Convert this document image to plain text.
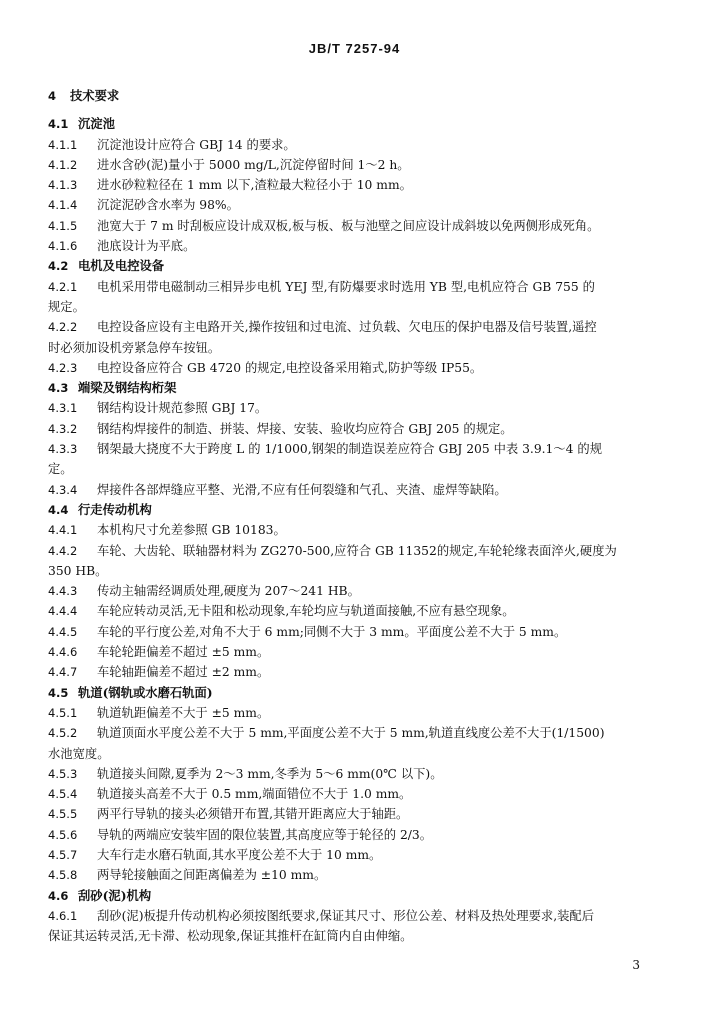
JB/T 7257-94
4 技术要求
4.1 沉淀池
4.1.1 沉淀池设计应符合 GBJ 14 的要求。
4.1.2 进水含砂(泥)量小于 5000 mg/L,沉淀停留时间 1～2 h。
4.1.3 进水砂粒粒径在 1 mm 以下,渣粒最大粒径小于 10 mm。
4.1.4 沉淀泥砂含水率为 98%。
4.1.5 池宽大于 7 m 时刮板应设计成双板,板与板、板与池壁之间应设计成斜坡以免两侧形成死角。
4.1.6 池底设计为平底。
4.2 电机及电控设备
4.2.1 电机采用带电磁制动三相异步电机 YEJ 型,有防爆要求时选用 YB 型,电机应符合 GB 755 的
规定。
4.2.2 电控设备应设有主电路开关,操作按钮和过电流、过负载、欠电压的保护电器及信号装置,遥控
时必须加设机旁紧急停车按钮。
4.2.3 电控设备应符合 GB 4720 的规定,电控设备采用箱式,防护等级 IP55。
4.3 端梁及钢结构桁架
4.3.1 钢结构设计规范参照 GBJ 17。
4.3.2 钢结构焊接件的制造、拼装、焊接、安装、验收均应符合 GBJ 205 的规定。
4.3.3 钢架最大挠度不大于跨度 L 的 1/1000,钢架的制造误差应符合 GBJ 205 中表 3.9.1～4 的规
定。
4.3.4 焊接件各部焊缝应平整、光滑,不应有任何裂缝和气孔、夹渣、虚焊等缺陷。
4.4 行走传动机构
4.4.1 本机构尺寸允差参照 GB 10183。
4.4.2 车轮、大齿轮、联轴器材料为 ZG270-500,应符合 GB 11352的规定,车轮轮缘表面淬火,硬度为
350 HB。
4.4.3 传动主轴需经调质处理,硬度为 207～241 HB。
4.4.4 车轮应转动灵活,无卡阻和松动现象,车轮均应与轨道面接触,不应有悬空现象。
4.4.5 车轮的平行度公差,对角不大于 6 mm;同侧不大于 3 mm。平面度公差不大于 5 mm。
4.4.6 车轮轮距偏差不超过 ±5 mm。
4.4.7 车轮轴距偏差不超过 ±2 mm。
4.5 轨道(钢轨或水磨石轨面)
4.5.1 轨道轨距偏差不大于 ±5 mm。
4.5.2 轨道顶面水平度公差不大于 5 mm,平面度公差不大于 5 mm,轨道直线度公差不大于(1/1500)
水池宽度。
4.5.3 轨道接头间隙,夏季为 2～3 mm,冬季为 5～6 mm(0℃ 以下)。
4.5.4 轨道接头高差不大于 0.5 mm,端面错位不大于 1.0 mm。
4.5.5 两平行导轨的接头必须错开布置,其错开距离应大于轴距。
4.5.6 导轨的两端应安装牢固的限位装置,其高度应等于轮径的 2/3。
4.5.7 大车行走水磨石轨面,其水平度公差不大于 10 mm。
4.5.8 两导轮接触面之间距离偏差为 ±10 mm。
4.6 刮砂(泥)机构
4.6.1 刮砂(泥)板提升传动机构必须按图纸要求,保证其尺寸、形位公差、材料及热处理要求,装配后
保证其运转灵活,无卡滞、松动现象,保证其推杆在缸筒内自由伸缩。
3
